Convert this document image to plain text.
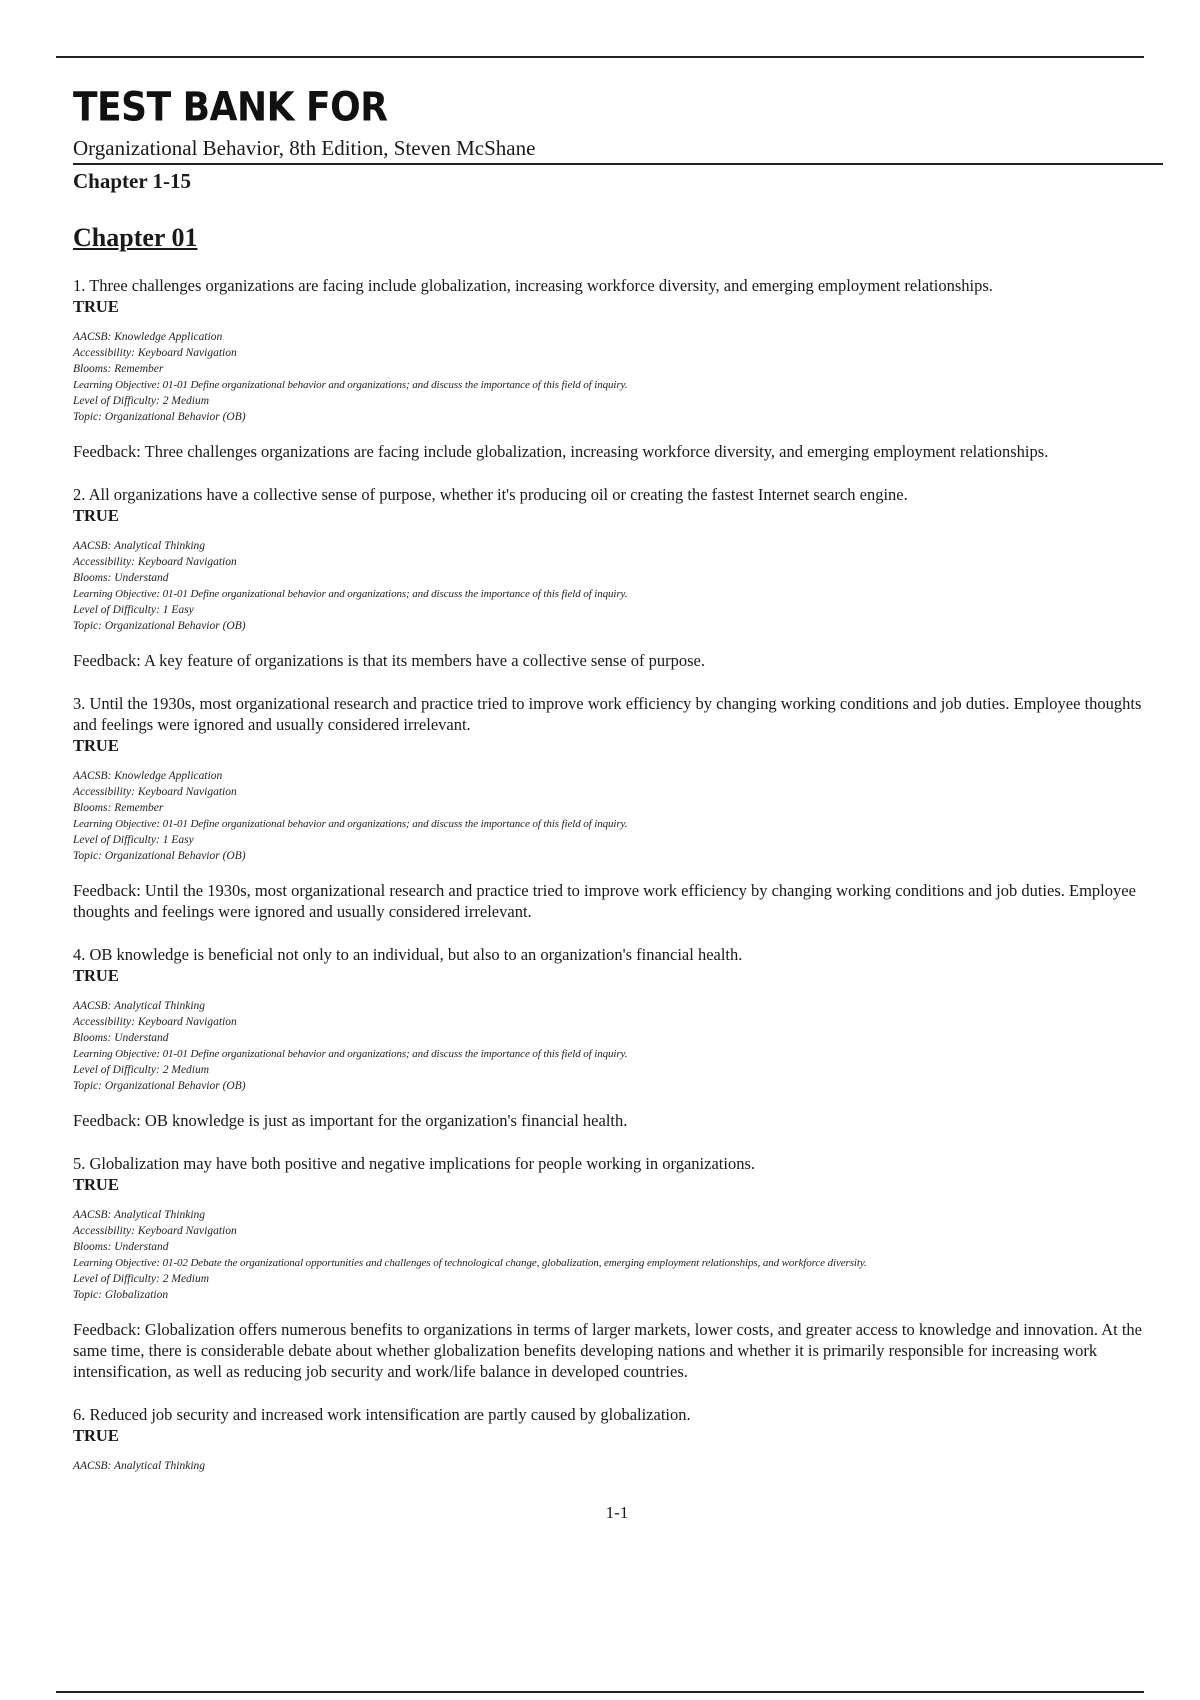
TEST BANK FOR
Organizational Behavior, 8th Edition, Steven McShane
Chapter 1-15
Chapter 01
1. Three challenges organizations are facing include globalization, increasing workforce diversity, and emerging employment relationships.
TRUE
AACSB: Knowledge Application
Accessibility: Keyboard Navigation
Blooms: Remember
Learning Objective: 01-01 Define organizational behavior and organizations; and discuss the importance of this field of inquiry.
Level of Difficulty: 2 Medium
Topic: Organizational Behavior (OB)
Feedback: Three challenges organizations are facing include globalization, increasing workforce diversity, and emerging employment relationships.
2. All organizations have a collective sense of purpose, whether it's producing oil or creating the fastest Internet search engine.
TRUE
AACSB: Analytical Thinking
Accessibility: Keyboard Navigation
Blooms: Understand
Learning Objective: 01-01 Define organizational behavior and organizations; and discuss the importance of this field of inquiry.
Level of Difficulty: 1 Easy
Topic: Organizational Behavior (OB)
Feedback: A key feature of organizations is that its members have a collective sense of purpose.
3. Until the 1930s, most organizational research and practice tried to improve work efficiency by changing working conditions and job duties. Employee thoughts and feelings were ignored and usually considered irrelevant.
TRUE
AACSB: Knowledge Application
Accessibility: Keyboard Navigation
Blooms: Remember
Learning Objective: 01-01 Define organizational behavior and organizations; and discuss the importance of this field of inquiry.
Level of Difficulty: 1 Easy
Topic: Organizational Behavior (OB)
Feedback: Until the 1930s, most organizational research and practice tried to improve work efficiency by changing working conditions and job duties. Employee thoughts and feelings were ignored and usually considered irrelevant.
4. OB knowledge is beneficial not only to an individual, but also to an organization's financial health.
TRUE
AACSB: Analytical Thinking
Accessibility: Keyboard Navigation
Blooms: Understand
Learning Objective: 01-01 Define organizational behavior and organizations; and discuss the importance of this field of inquiry.
Level of Difficulty: 2 Medium
Topic: Organizational Behavior (OB)
Feedback: OB knowledge is just as important for the organization's financial health.
5. Globalization may have both positive and negative implications for people working in organizations.
TRUE
AACSB: Analytical Thinking
Accessibility: Keyboard Navigation
Blooms: Understand
Learning Objective: 01-02 Debate the organizational opportunities and challenges of technological change, globalization, emerging employment relationships, and workforce diversity.
Level of Difficulty: 2 Medium
Topic: Globalization
Feedback: Globalization offers numerous benefits to organizations in terms of larger markets, lower costs, and greater access to knowledge and innovation. At the same time, there is considerable debate about whether globalization benefits developing nations and whether it is primarily responsible for increasing work intensification, as well as reducing job security and work/life balance in developed countries.
6. Reduced job security and increased work intensification are partly caused by globalization.
TRUE
AACSB: Analytical Thinking
1-1
